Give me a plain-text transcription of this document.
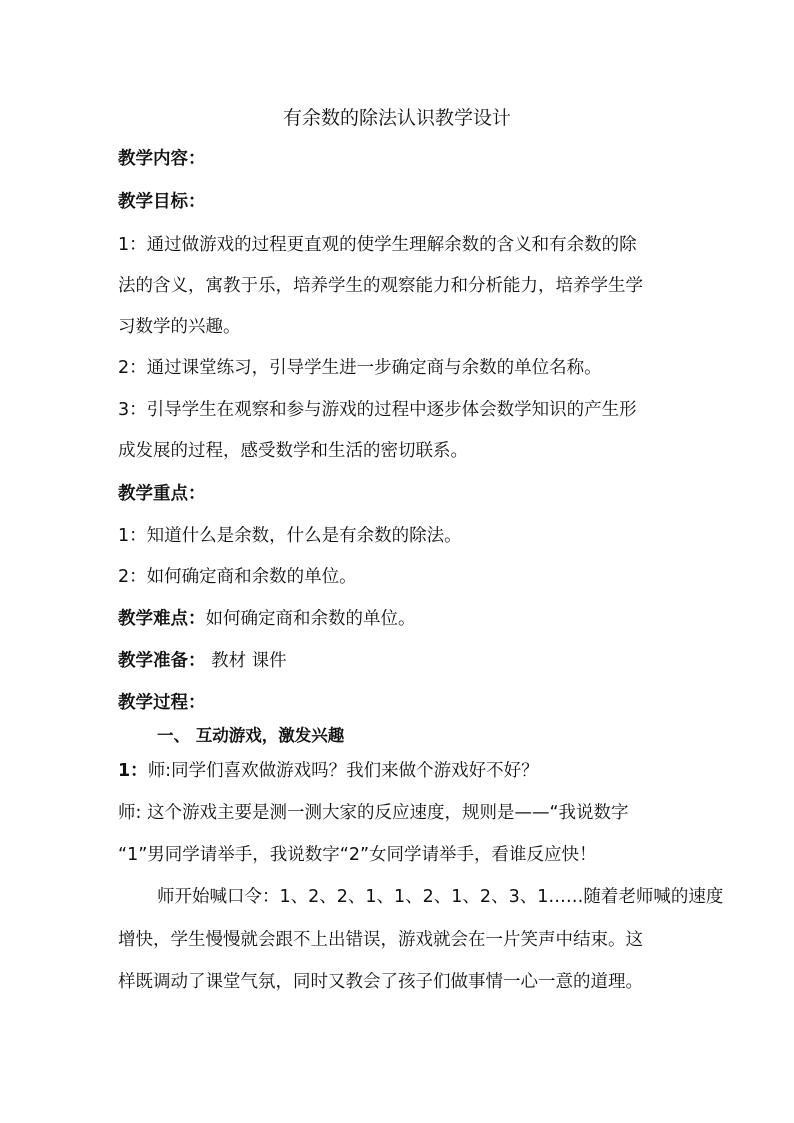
有余数的除法认识教学设计
教学内容：
教学目标：
1：通过做游戏的过程更直观的使学生理解余数的含义和有余数的除
法的含义，寓教于乐，培养学生的观察能力和分析能力，培养学生学
习数学的兴趣。
2：通过课堂练习，引导学生进一步确定商与余数的单位名称。
3：引导学生在观察和参与游戏的过程中逐步体会数学知识的产生形
成发展的过程，感受数学和生活的密切联系。
教学重点：
1：知道什么是余数，什么是有余数的除法。
2：如何确定商和余数的单位。
教学难点：如何确定商和余数的单位。
教学准备： 教材 课件
教学过程：
一、 互动游戏，激发兴趣
1：师:同学们喜欢做游戏吗？我们来做个游戏好不好？
师: 这个游戏主要是测一测大家的反应速度，规则是——“我说数字
“1”男同学请举手，我说数字“2”女同学请举手，看谁反应快！
师开始喊口令：1、2、2、1、1、2、1、2、3、1……随着老师喊的速度
增快，学生慢慢就会跟不上出错误，游戏就会在一片笑声中结束。这
样既调动了课堂气氛，同时又教会了孩子们做事情一心一意的道理。
